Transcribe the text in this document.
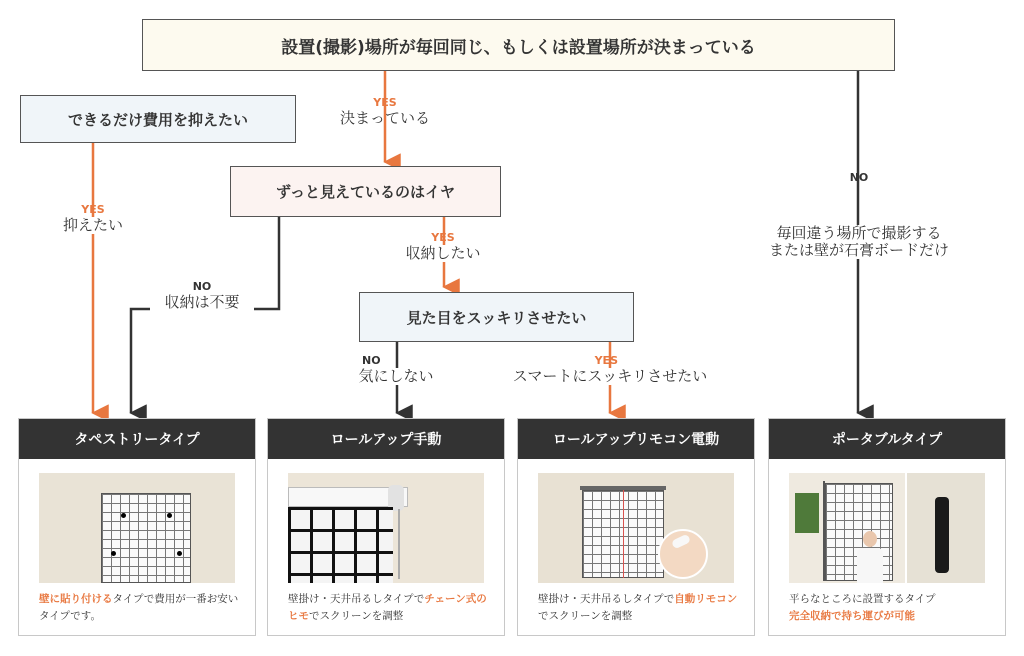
設置(撮影)場所が毎回同じ、もしくは設置場所が決まっている
できるだけ費用を抑えたい
ずっと見えているのはイヤ
見た目をスッキリさせたい
YES
決まっている
NO
毎回違う場所で撮影する
または壁が石膏ボードだけ
YES
抑えたい
NO
収納は不要
YES
収納したい
NO
気にしない
YES
スマートにスッキリさせたい
タペストリータイプ
壁に貼り付けるタイプで費用が一番お安いタイプです。
ロールアップ手動
壁掛け・天井吊るしタイプでチェーン式のヒモでスクリーンを調整
ロールアップリモコン電動
壁掛け・天井吊るしタイプで自動リモコンでスクリーンを調整
ポータブルタイプ
平らなところに設置するタイプ
完全収納で持ち運びが可能
